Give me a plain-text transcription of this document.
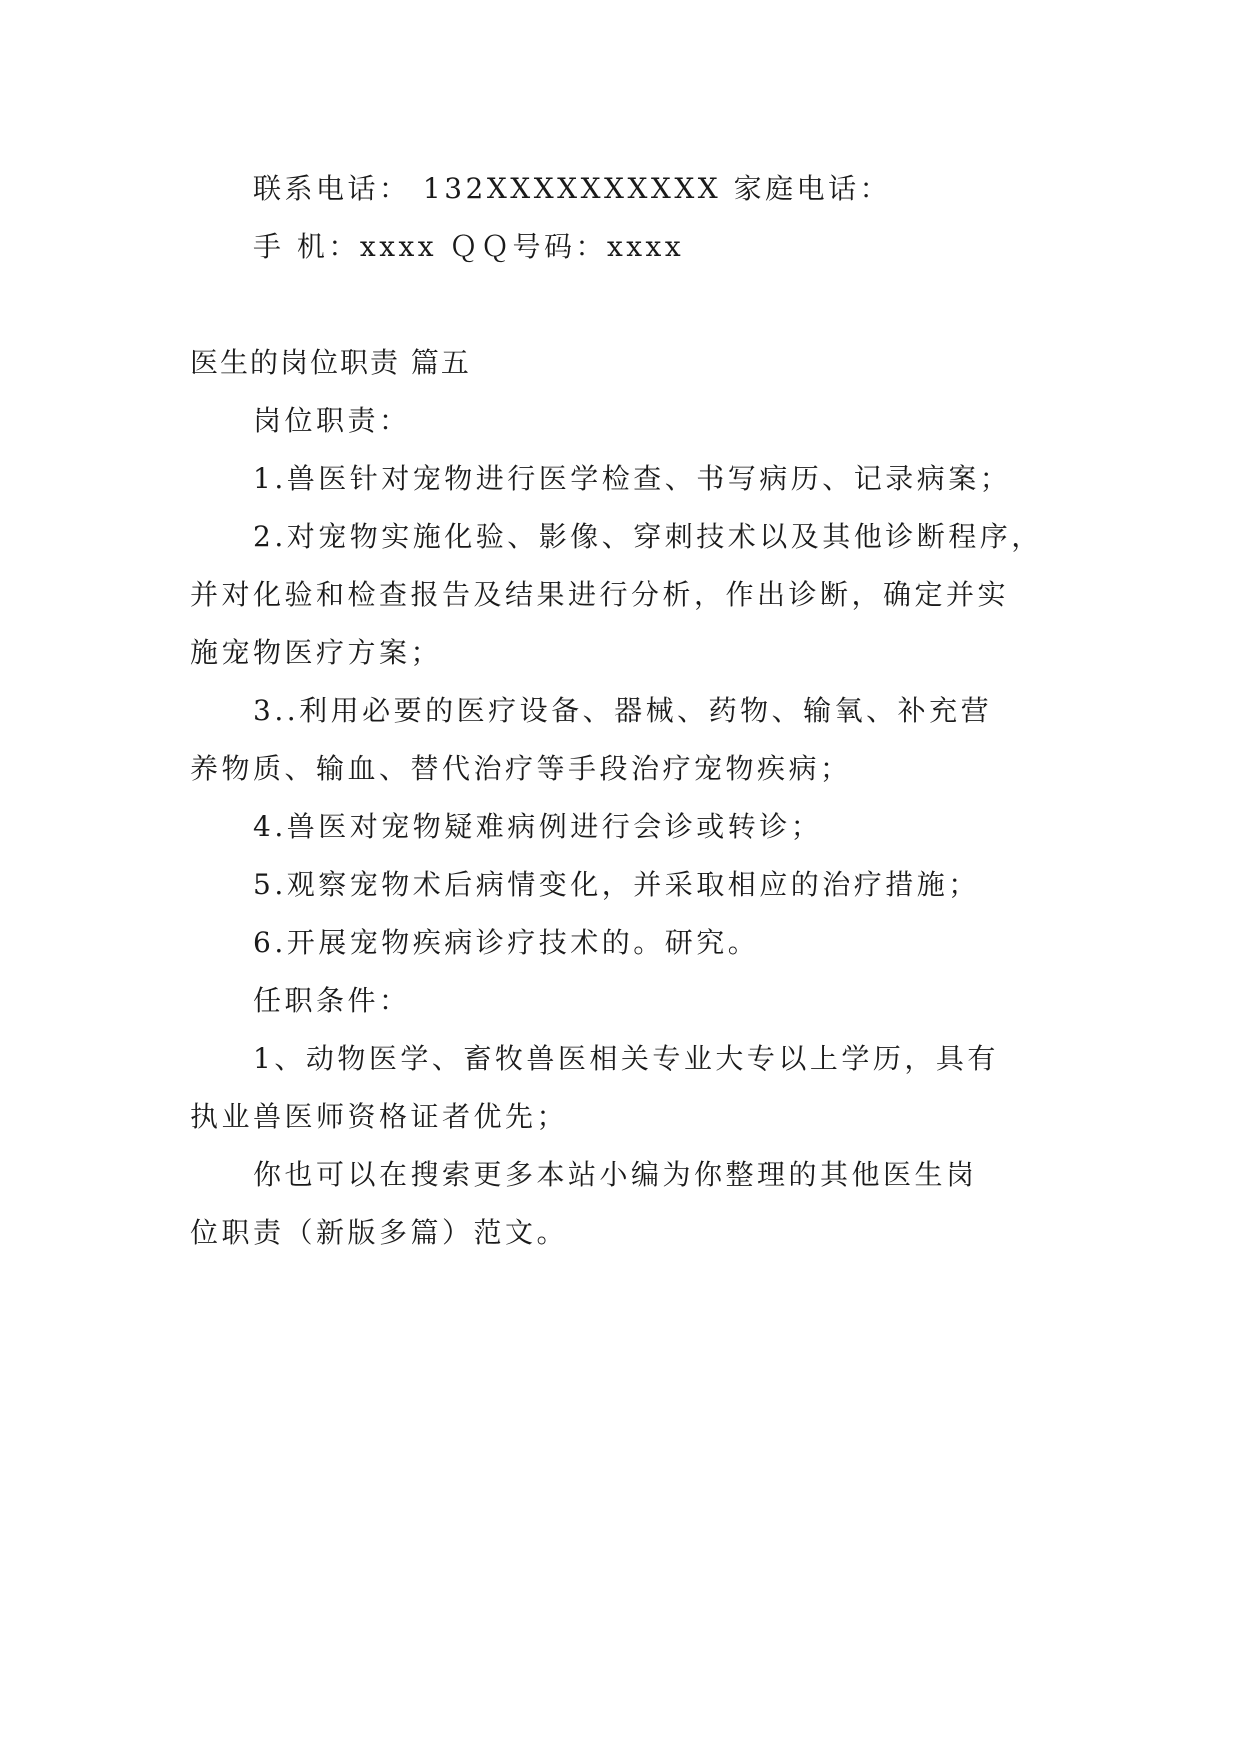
联系电话： 132XXXXXXXXXX 家庭电话：
手 机：xxxx ＱＱ号码：xxxx
医生的岗位职责 篇五
岗位职责：
1.兽医针对宠物进行医学检查、书写病历、记录病案；
2.对宠物实施化验、影像、穿刺技术以及其他诊断程序，
并对化验和检查报告及结果进行分析，作出诊断，确定并实
施宠物医疗方案；
3..利用必要的医疗设备、器械、药物、输氧、补充营
养物质、输血、替代治疗等手段治疗宠物疾病；
4.兽医对宠物疑难病例进行会诊或转诊；
5.观察宠物术后病情变化，并采取相应的治疗措施；
6.开展宠物疾病诊疗技术的。研究。
任职条件：
1、动物医学、畜牧兽医相关专业大专以上学历，具有
执业兽医师资格证者优先；
你也可以在搜索更多本站小编为你整理的其他医生岗
位职责（新版多篇）范文。
